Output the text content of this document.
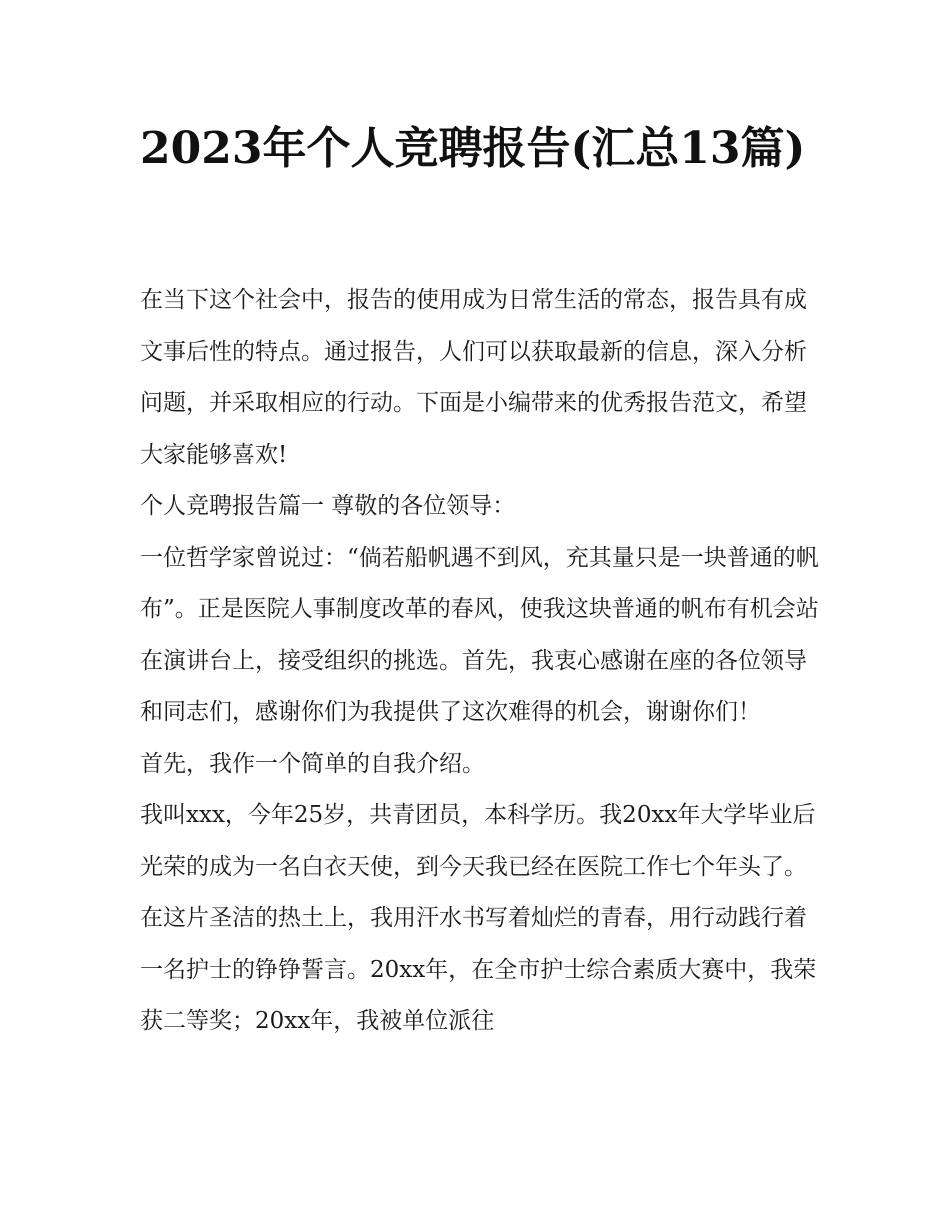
2023年个人竞聘报告(汇总13篇)

在当下这个社会中，报告的使用成为日常生活的常态，报告具有成文事后性的特点。通过报告，人们可以获取最新的信息，深入分析问题，并采取相应的行动。下面是小编带来的优秀报告范文，希望大家能够喜欢!

个人竞聘报告篇一 尊敬的各位领导：

一位哲学家曾说过：“倘若船帆遇不到风，充其量只是一块普通的帆布”。正是医院人事制度改革的春风，使我这块普通的帆布有机会站在演讲台上，接受组织的挑选。首先，我衷心感谢在座的各位领导和同志们，感谢你们为我提供了这次难得的机会，谢谢你们！

首先，我作一个简单的自我介绍。

我叫xxx，今年25岁，共青团员，本科学历。我20xx年大学毕业后光荣的成为一名白衣天使，到今天我已经在医院工作七个年头了。在这片圣洁的热土上，我用汗水书写着灿烂的青春，用行动践行着一名护士的铮铮誓言。20xx年，在全市护士综合素质大赛中，我荣获二等奖；20xx年，我被单位派往
